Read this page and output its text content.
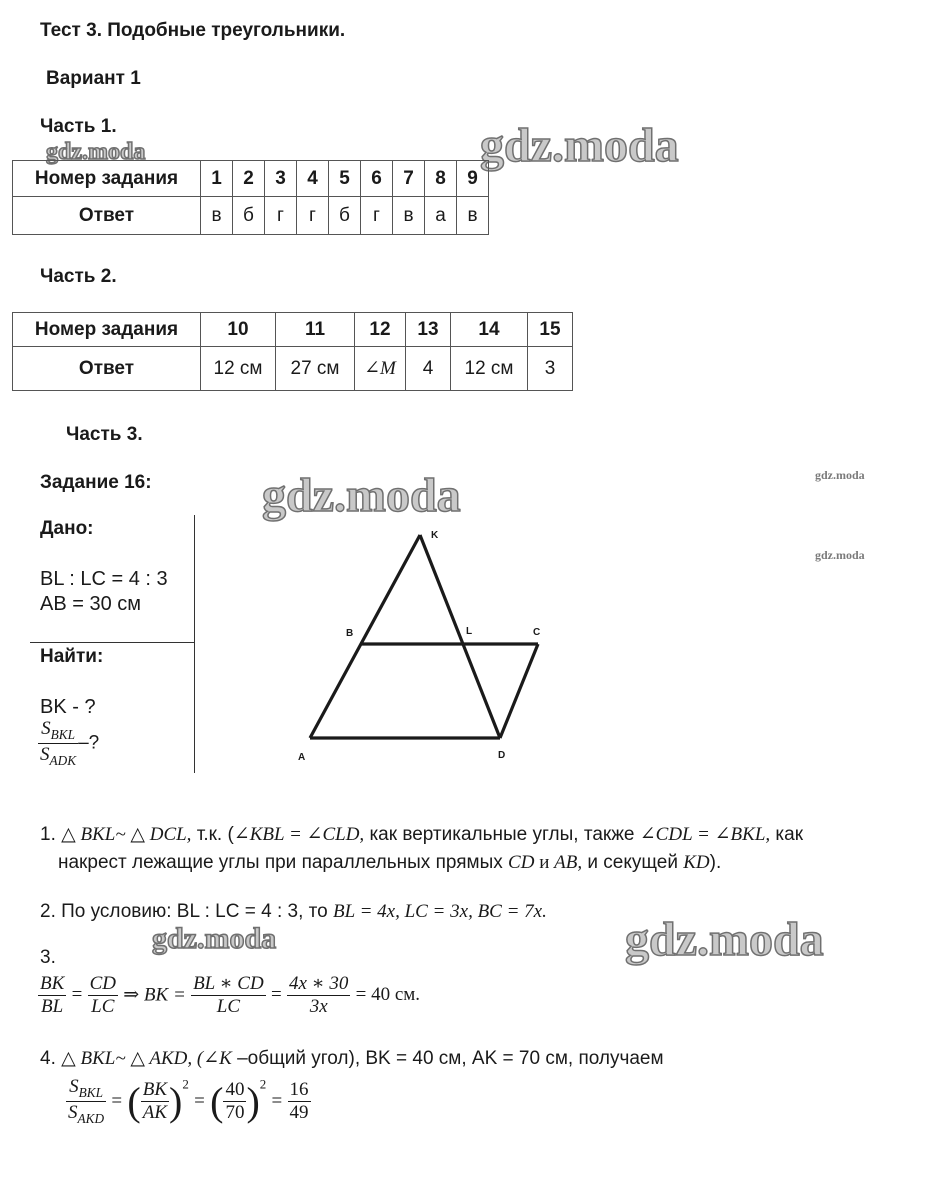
Тест 3. Подобные треугольники.
Вариант 1
Часть 1.
gdz.moda	gdz.moda
Номер задания	1	2	3	4	5	6	7	8	9
Ответ	в	б	г	г	б	г	в	а	в
Часть 2.
Номер задания	10	11	12	13	14	15
Ответ	12 см	27 см	∠M	4	12 см	3
Часть 3.
Задание 16: gdz.moda	gdz.moda
gdz.moda
Дано:
BL : LC = 4 : 3
AB = 30 см
Найти:
BK - ?
$\frac{S_{BKL}}{S_{ADK}}$ –?
K
B	L	C
A	D
1. △ BKL~ △ DCL, т.к. (∠KBL = ∠CLD, как вертикальные углы, также ∠CDL = ∠BKL, как
накрест лежащие углы при параллельных прямых CD и AB, и секущей KD).
2. По условию: BL : LC = 4 : 3, то BL = 4x, LC = 3x, BC = 7x.
gdz.moda	gdz.moda
3.
$\frac{BK}{BL} = \frac{CD}{LC}$ ⇒ BK = $\frac{BL ∗ CD}{LC} = \frac{4x ∗ 30}{3x} = 40$ см.
4. △ BKL~ △ AKD, (∠K –общий угол), BK = 40 см, AK = 70 см, получаем
$\frac{S_{BKL}}{S_{AKD}}$ = ( $\frac{BK}{AK} )^2$ = ( $\frac{40}{70} )^2 = \frac{16}{49}$
